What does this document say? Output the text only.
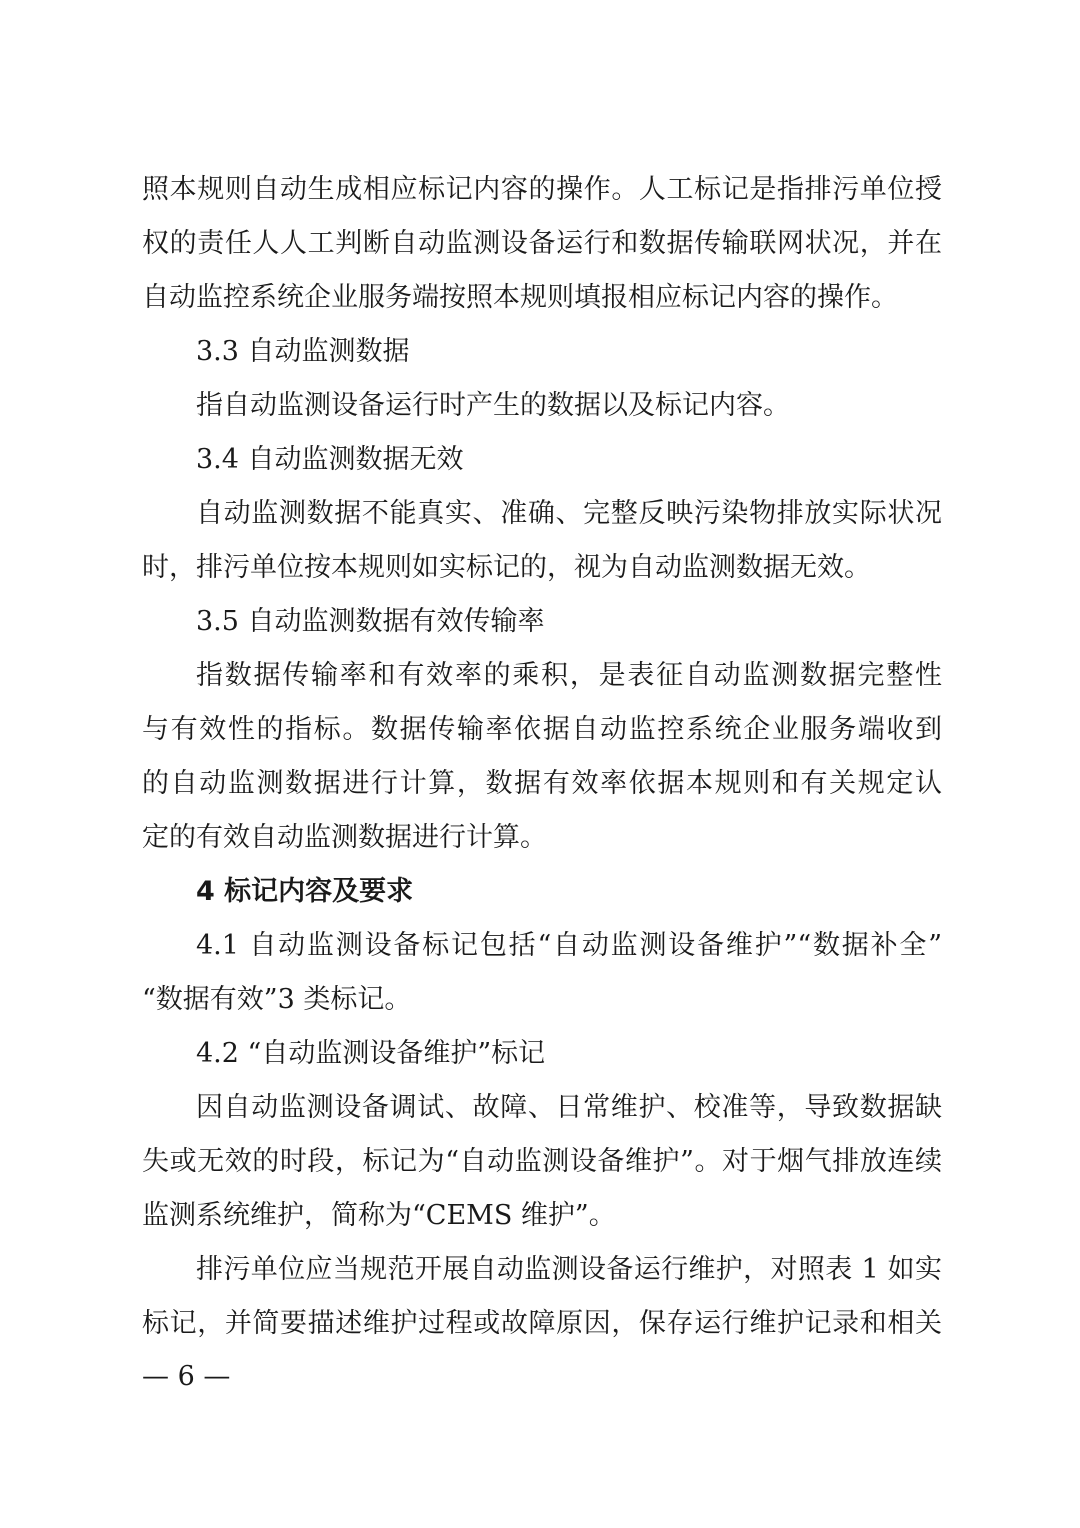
照本规则自动生成相应标记内容的操作。人工标记是指排污单位授
权的责任人人工判断自动监测设备运行和数据传输联网状况，并在
自动监控系统企业服务端按照本规则填报相应标记内容的操作。
3.3 自动监测数据
指自动监测设备运行时产生的数据以及标记内容。
3.4 自动监测数据无效
自动监测数据不能真实、准确、完整反映污染物排放实际状况
时，排污单位按本规则如实标记的，视为自动监测数据无效。
3.5 自动监测数据有效传输率
指数据传输率和有效率的乘积，是表征自动监测数据完整性
与有效性的指标。数据传输率依据自动监控系统企业服务端收到
的自动监测数据进行计算，数据有效率依据本规则和有关规定认
定的有效自动监测数据进行计算。
4 标记内容及要求
4.1 自动监测设备标记包括“自动监测设备维护”“数据补全”
“数据有效”3 类标记。
4.2 “自动监测设备维护”标记
因自动监测设备调试、故障、日常维护、校准等，导致数据缺
失或无效的时段，标记为“自动监测设备维护”。对于烟气排放连续
监测系统维护，简称为“CEMS 维护”。
排污单位应当规范开展自动监测设备运行维护，对照表 1 如实
标记，并简要描述维护过程或故障原因，保存运行维护记录和相关
— 6 —
